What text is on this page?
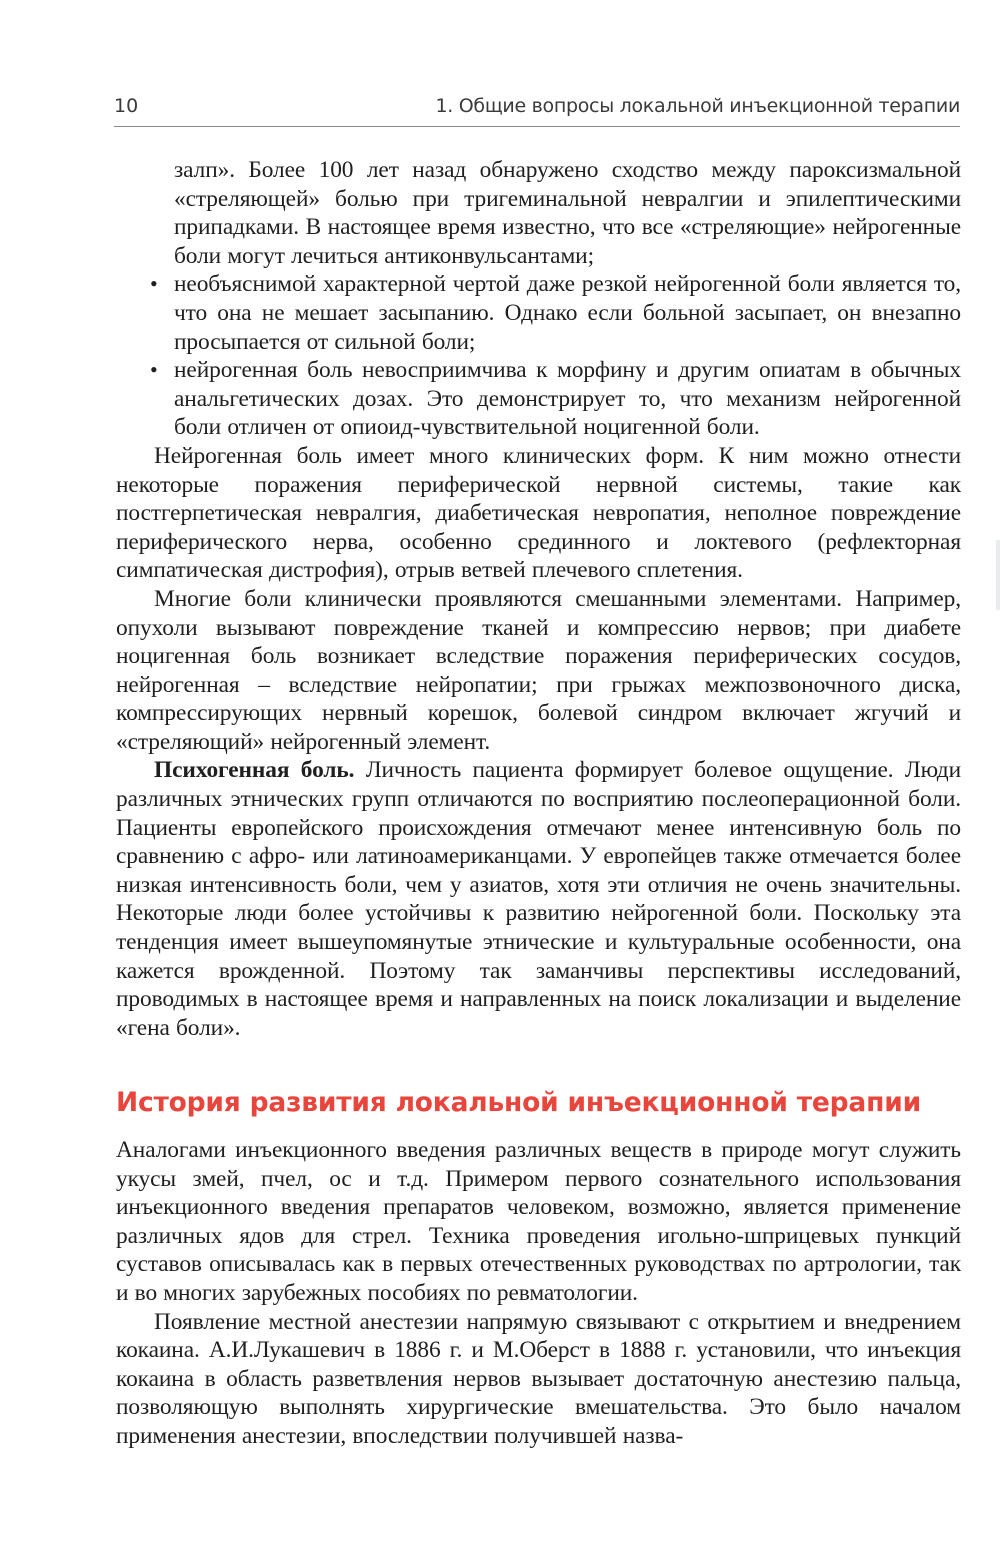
10	1. Общие вопросы локальной инъекционной терапии

залп». Более 100 лет назад обнаружено сходство между пароксизмальной «стреляющей» болью при тригеминальной невралгии и эпилептическими припадками. В настоящее время известно, что все «стреляющие» нейрогенные боли могут лечиться антиконвульсантами;

• необъяснимой характерной чертой даже резкой нейрогенной боли является то, что она не мешает засыпанию. Однако если больной засыпает, он внезапно просыпается от сильной боли;
• нейрогенная боль невосприимчива к морфину и другим опиатам в обычных анальгетических дозах. Это демонстрирует то, что механизм нейрогенной боли отличен от опиоид-чувствительной ноцигенной боли.

Нейрогенная боль имеет много клинических форм. К ним можно отнести некоторые поражения периферической нервной системы, такие как постгерпетическая невралгия, диабетическая невропатия, неполное повреждение периферического нерва, особенно срединного и локтевого (рефлекторная симпатическая дистрофия), отрыв ветвей плечевого сплетения.

Многие боли клинически проявляются смешанными элементами. Например, опухоли вызывают повреждение тканей и компрессию нервов; при диабете ноцигенная боль возникает вследствие поражения периферических сосудов, нейрогенная – вследствие нейропатии; при грыжах межпозвоночного диска, компрессирующих нервный корешок, болевой синдром включает жгучий и «стреляющий» нейрогенный элемент.

Психогенная боль. Личность пациента формирует болевое ощущение. Люди различных этнических групп отличаются по восприятию послеоперационной боли. Пациенты европейского происхождения отмечают менее интенсивную боль по сравнению с афро- или латиноамериканцами. У европейцев также отмечается более низкая интенсивность боли, чем у азиатов, хотя эти отличия не очень значительны. Некоторые люди более устойчивы к развитию нейрогенной боли. Поскольку эта тенденция имеет вышеупомянутые этнические и культуральные особенности, она кажется врожденной. Поэтому так заманчивы перспективы исследований, проводимых в настоящее время и направленных на поиск локализации и выделение «гена боли».

История развития локальной инъекционной терапии

Аналогами инъекционного введения различных веществ в природе могут служить укусы змей, пчел, ос и т.д. Примером первого сознательного использования инъекционного введения препаратов человеком, возможно, является применение различных ядов для стрел. Техника проведения игольно-шприцевых пункций суставов описывалась как в первых отечественных руководствах по артрологии, так и во многих зарубежных пособиях по ревматологии.

Появление местной анестезии напрямую связывают с открытием и внедрением кокаина. А.И.Лукашевич в 1886 г. и М.Оберст в 1888 г. установили, что инъекция кокаина в область разветвления нервов вызывает достаточную анестезию пальца, позволяющую выполнять хирургические вмешательства. Это было началом применения анестезии, впоследствии получившей назва-
